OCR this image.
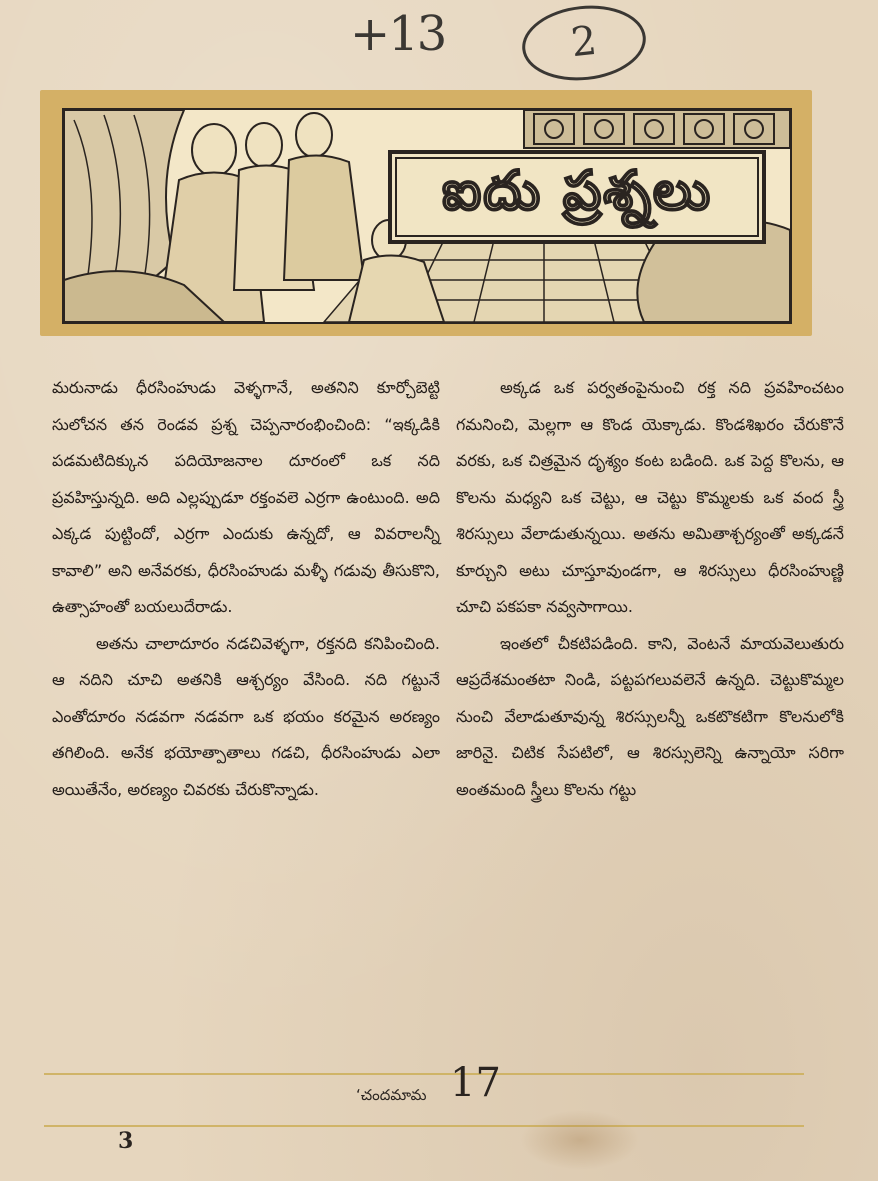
+13	2
ఐదు ప్రశ్నలు

మరునాడు ధీరసింహుడు వెళ్ళగానే, అతనిని కూర్చోబెట్టి సులోచన తన రెండవ ప్రశ్న చెప్పనారంభించింది: “ఇక్కడికి పడమటిదిక్కున పదియోజనాల దూరంలో ఒక నది ప్రవహిస్తున్నది. అది ఎల్లప్పుడూ రక్తంవలె ఎర్రగా ఉంటుంది. అది ఎక్కడ పుట్టిందో, ఎర్రగా ఎందుకు ఉన్నదో, ఆ వివరాలన్నీ కావాలి” అని అనేవరకు, ధీరసింహుడు మళ్ళీ గడువు తీసుకొని, ఉత్సాహంతో బయలుదేరాడు.

అతను చాలాదూరం నడచివెళ్ళగా, రక్తనది కనిపించింది. ఆ నదిని చూచి అతనికి ఆశ్చర్యం వేసింది. నది గట్టునే ఎంతోదూరం నడవగా నడవగా ఒక భయం కరమైన అరణ్యం తగిలింది. అనేక భయోత్పాతాలు గడచి, ధీరసింహుడు ఎలా అయితేనేం, అరణ్యం చివరకు చేరుకొన్నాడు.

అక్కడ ఒక పర్వతంపైనుంచి రక్త నది ప్రవహించటం గమనించి, మెల్లగా ఆ కొండ యెక్కాడు. కొండశిఖరం చేరుకొనే వరకు, ఒక చిత్రమైన దృశ్యం కంట బడింది. ఒక పెద్ద కొలను, ఆ కొలను మధ్యని ఒక చెట్టు, ఆ చెట్టు కొమ్మలకు ఒక వంద స్త్రీ శిరస్సులు వేలాడుతున్నయి. అతను అమితాశ్చర్యంతో అక్కడనే కూర్చుని అటు చూస్తూవుండగా, ఆ శిరస్సులు ధీరసింహుణ్ణి చూచి పకపకా నవ్వసాగాయి.

ఇంతలో చీకటిపడింది. కాని, వెంటనే మాయవెలుతురు ఆప్రదేశమంతటా నిండి, పట్టపగలువలెనే ఉన్నది. చెట్టుకొమ్మల నుంచి వేలాడుతూవున్న శిరస్సులన్నీ ఒకటొకటిగా కొలనులోకి జారినై. చిటిక సేపటిలో, ఆ శిరస్సులెన్ని ఉన్నాయో సరిగా అంతమంది స్త్రీలు కొలను గట్టు

‘చందమామ 17
3
